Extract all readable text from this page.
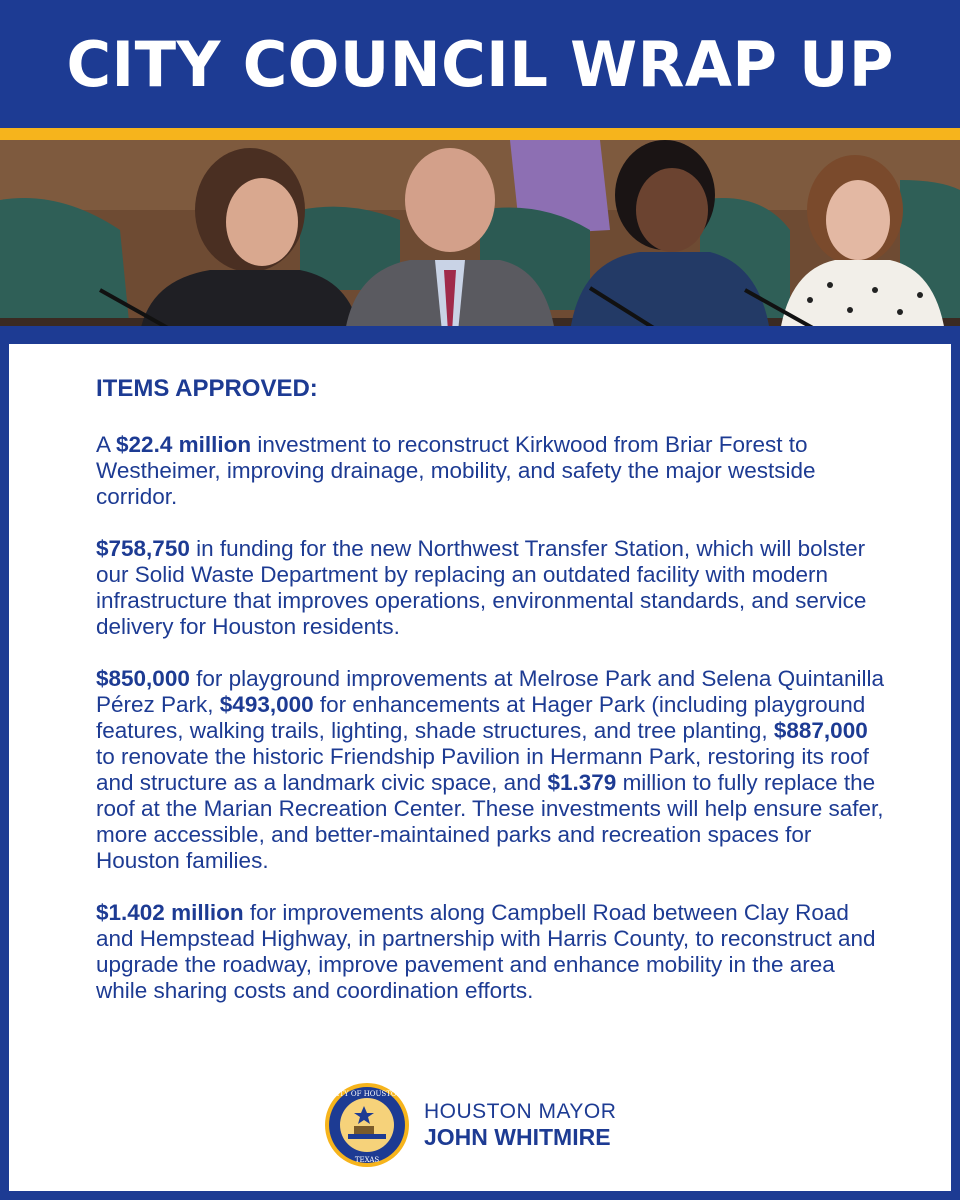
CITY COUNCIL WRAP UP
ITEMS APPROVED:

A $22.4 million investment to reconstruct Kirkwood from Briar Forest to Westheimer, improving drainage, mobility, and safety the major westside corridor.

$758,750 in funding for the new Northwest Transfer Station, which will bolster our Solid Waste Department by replacing an outdated facility with modern infrastructure that improves operations, environmental standards, and service delivery for Houston residents.

$850,000 for playground improvements at Melrose Park and Selena Quintanilla Pérez Park, $493,000 for enhancements at Hager Park (including playground features, walking trails, lighting, shade structures, and tree planting, $887,000 to renovate the historic Friendship Pavilion in Hermann Park, restoring its roof and structure as a landmark civic space, and $1.379 million to fully replace the roof at the Marian Recreation Center. These investments will help ensure safer, more accessible, and better-maintained parks and recreation spaces for Houston families.

$1.402 million for improvements along Campbell Road between Clay Road and Hempstead Highway, in partnership with Harris County, to reconstruct and upgrade the roadway, improve pavement and enhance mobility in the area while sharing costs and coordination efforts.

CITY OF HOUSTON
TEXAS
HOUSTON MAYOR
JOHN WHITMIRE
